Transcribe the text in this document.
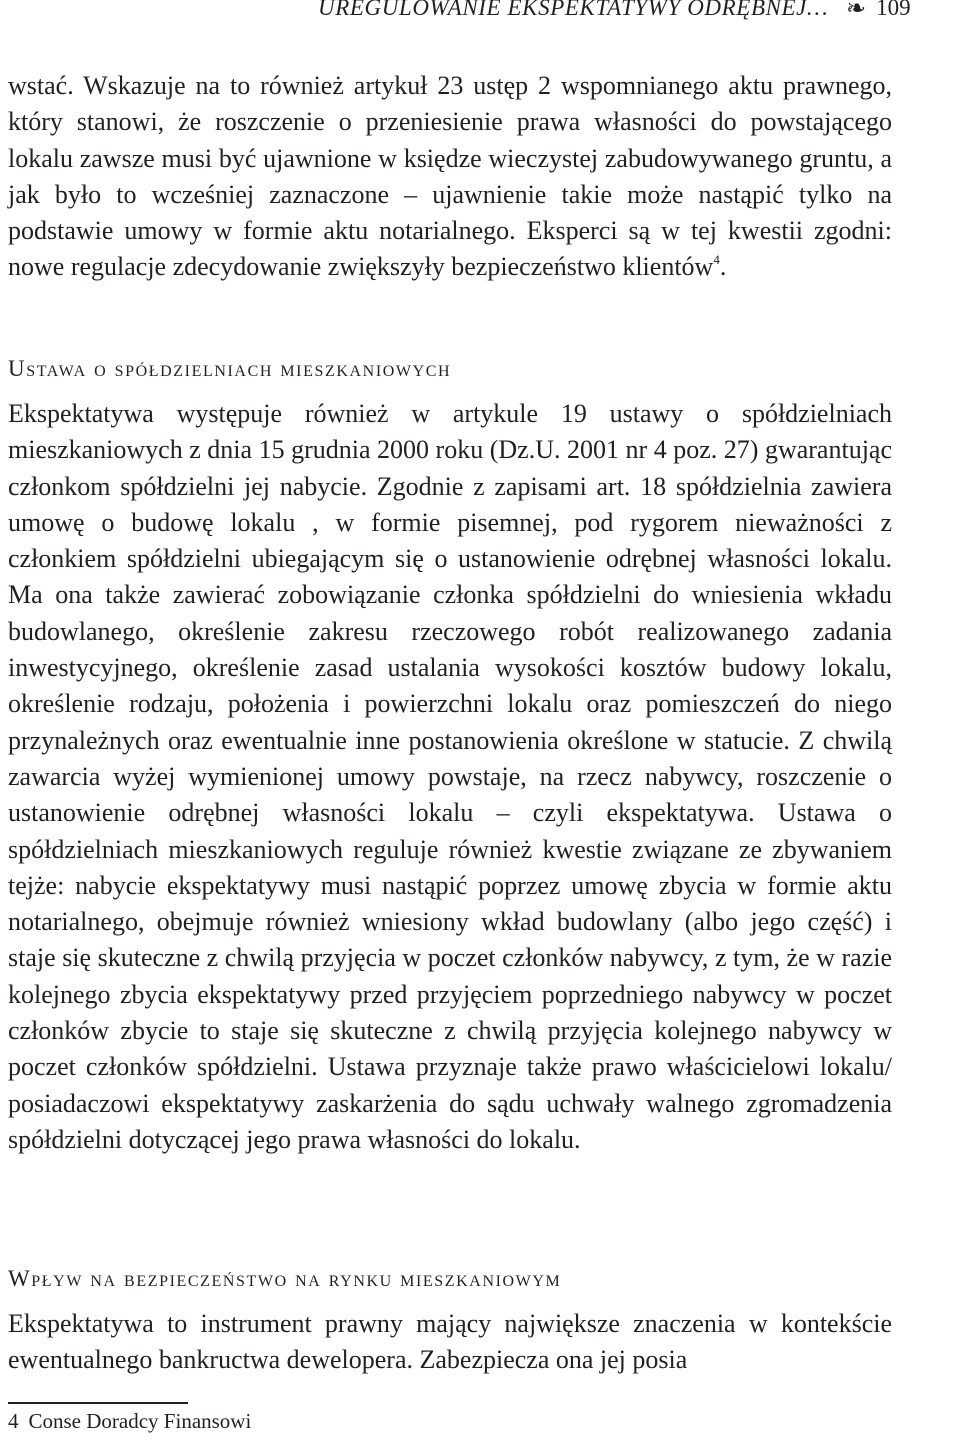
UREGULOWANIE EKSPEKTATYWY ODRĘBNEJ… ❧ 109

wstać. Wskazuje na to również artykuł 23 ustęp 2 wspomnianego aktu prawnego, który stanowi, że roszczenie o przeniesienie prawa własności do powstającego lokalu zawsze musi być ujawnione w księdze wieczystej zabudowywanego gruntu, a jak było to wcześniej zaznaczone – ujawnienie takie może nastąpić tylko na podstawie umowy w formie aktu notarialnego. Eksperci są w tej kwestii zgodni: nowe regulacje zdecydowanie zwiększyły bezpieczeństwo klientów$^4$.

Ustawa o spółdzielniach mieszkaniowych

Ekspektatywa występuje również w artykule 19 ustawy o spółdzielniach mieszkaniowych z dnia 15 grudnia 2000 roku (Dz.U. 2001 nr 4 poz. 27) gwarantując członkom spółdzielni jej nabycie. Zgodnie z zapisami art. 18 spółdzielnia zawiera umowę o budowę lokalu , w formie pisemnej, pod rygorem nieważności z członkiem spółdzielni ubiegającym się o ustanowienie odrębnej własności lokalu. Ma ona także zawierać zobowiązanie członka spółdzielni do wniesienia wkładu budowlanego, określenie zakresu rzeczowego robót realizowanego zadania inwestycyjnego, określenie zasad ustalania wysokości kosztów budowy lokalu, określenie rodzaju, położenia i powierzchni lokalu oraz pomieszczeń do niego przynależnych oraz ewentualnie inne postanowienia określone w statucie. Z chwilą zawarcia wyżej wymienionej umowy powstaje, na rzecz nabywcy, roszczenie o ustanowienie odrębnej własności lokalu – czyli ekspektatywa. Ustawa o spółdzielniach mieszkaniowych reguluje również kwestie związane ze zbywaniem tejże: nabycie ekspektatywy musi nastąpić poprzez umowę zbycia w formie aktu notarialnego, obejmuje również wniesiony wkład budowlany (albo jego część) i staje się skuteczne z chwilą przyjęcia w poczet członków nabywcy, z tym, że w razie kolejnego zbycia ekspektatywy przed przyjęciem poprzedniego nabywcy w poczet członków zbycie to staje się skuteczne z chwilą przyjęcia kolejnego nabywcy w poczet członków spółdzielni. Ustawa przyznaje także prawo właścicielowi lokalu/ posiadaczowi ekspektatywy zaskarżenia do sądu uchwały walnego zgromadzenia spółdzielni dotyczącej jego prawa własności do lokalu.

Wpływ na bezpieczeństwo na rynku mieszkaniowym

Ekspektatywa to instrument prawny mający największe znaczenia w kontekście ewentualnego bankructwa dewelopera. Zabezpiecza ona jej posia

4 Conse Doradcy Finansowi
